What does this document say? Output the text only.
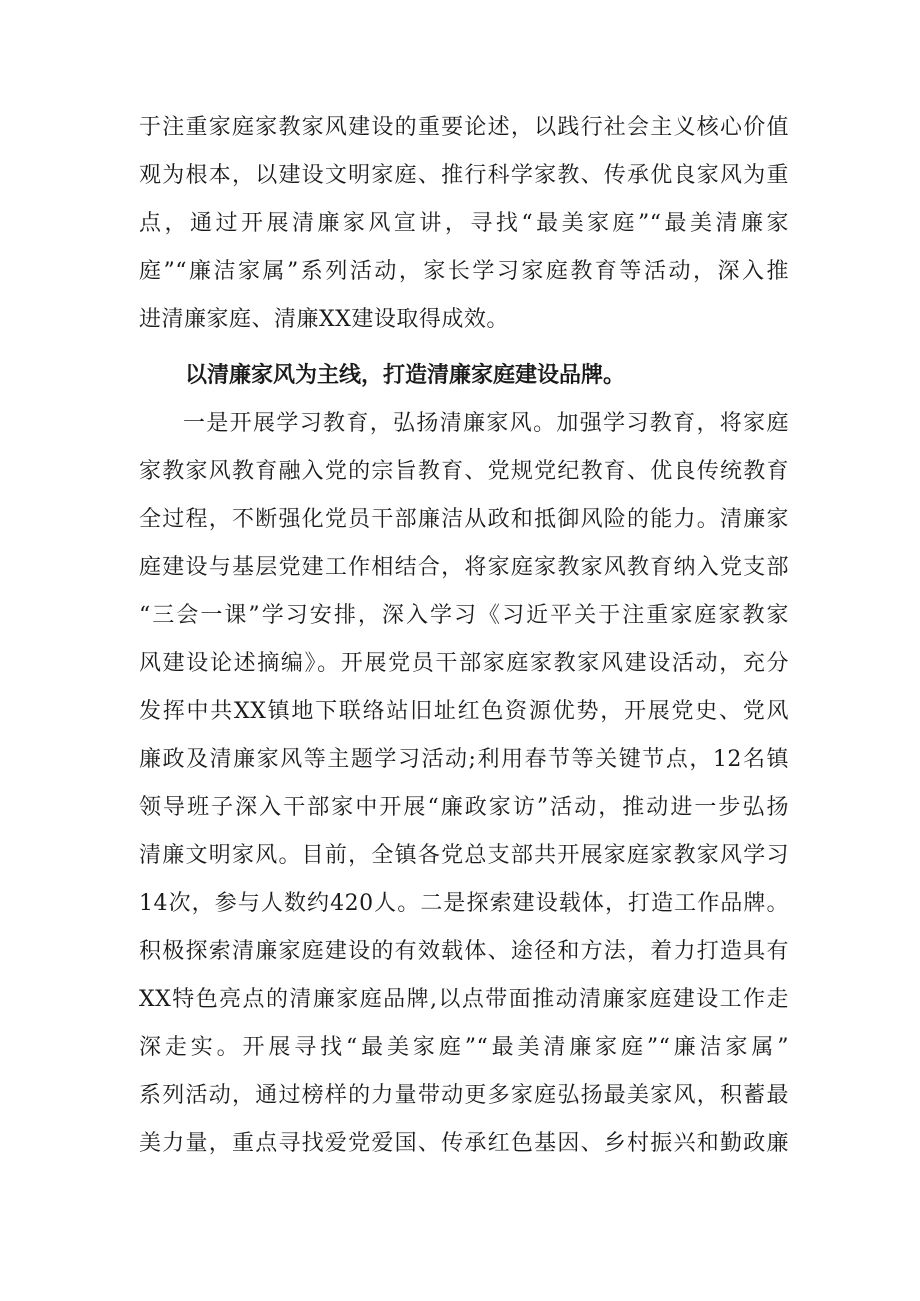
于注重家庭家教家风建设的重要论述，以践行社会主义核心价值
观为根本，以建设文明家庭、推行科学家教、传承优良家风为重
点，通过开展清廉家风宣讲，寻找“最美家庭”“最美清廉家
庭”“廉洁家属”系列活动，家长学习家庭教育等活动，深入推
进清廉家庭、清廉XX建设取得成效。
以清廉家风为主线，打造清廉家庭建设品牌。
一是开展学习教育，弘扬清廉家风。加强学习教育，将家庭
家教家风教育融入党的宗旨教育、党规党纪教育、优良传统教育
全过程，不断强化党员干部廉洁从政和抵御风险的能力。清廉家
庭建设与基层党建工作相结合，将家庭家教家风教育纳入党支部
“三会一课”学习安排，深入学习《习近平关于注重家庭家教家
风建设论述摘编》。开展党员干部家庭家教家风建设活动，充分
发挥中共XX镇地下联络站旧址红色资源优势，开展党史、党风
廉政及清廉家风等主题学习活动;利用春节等关键节点，12名镇
领导班子深入干部家中开展“廉政家访”活动，推动进一步弘扬
清廉文明家风。目前，全镇各党总支部共开展家庭家教家风学习
14次，参与人数约420人。二是探索建设载体，打造工作品牌。
积极探索清廉家庭建设的有效载体、途径和方法，着力打造具有
XX特色亮点的清廉家庭品牌,以点带面推动清廉家庭建设工作走
深走实。开展寻找“最美家庭”“最美清廉家庭”“廉洁家属”
系列活动，通过榜样的力量带动更多家庭弘扬最美家风，积蓄最
美力量，重点寻找爱党爱国、传承红色基因、乡村振兴和勤政廉
